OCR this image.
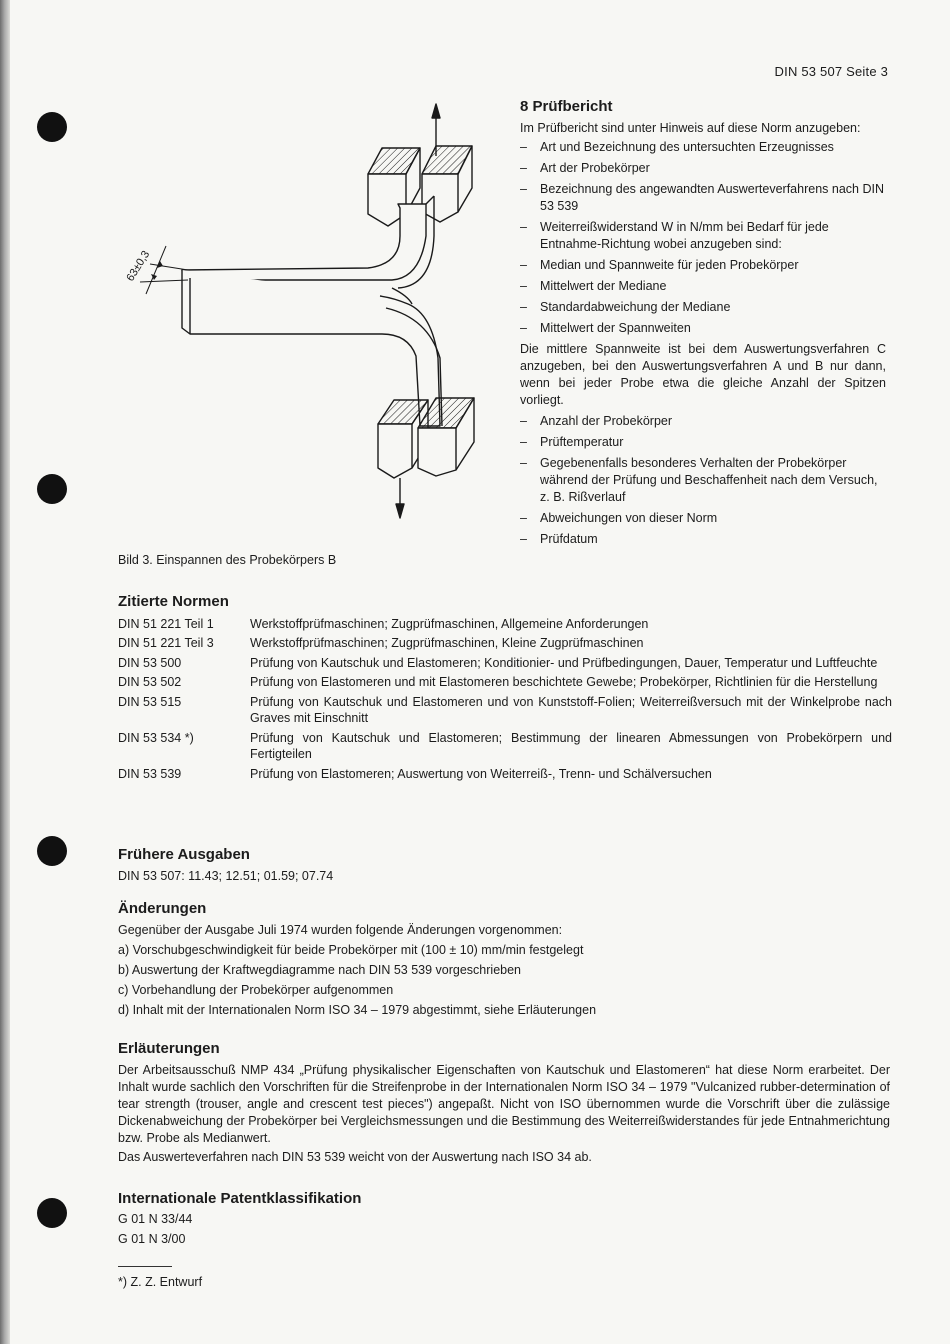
DIN 53 507 Seite 3
63±0,3
Bild 3. Einspannen des Probekörpers B
8 Prüfbericht

Im Prüfbericht sind unter Hinweis auf diese Norm anzugeben:

– Art und Bezeichnung des untersuchten Erzeugnisses
– Art der Probekörper
– Bezeichnung des angewandten Auswerteverfahrens nach DIN 53 539
– Weiterreißwiderstand W in N/mm bei Bedarf für jede Entnahme-Richtung wobei anzugeben sind:
– Median und Spannweite für jeden Probekörper
– Mittelwert der Mediane
– Standardabweichung der Mediane
– Mittelwert der Spannweiten

Die mittlere Spannweite ist bei dem Auswertungsverfahren C anzugeben, bei den Auswertungsverfahren A und B nur dann, wenn bei jeder Probe etwa die gleiche Anzahl der Spitzen vorliegt.

– Anzahl der Probekörper
– Prüftemperatur
– Gegebenenfalls besonderes Verhalten der Probekörper während der Prüfung und Beschaffenheit nach dem Versuch, z. B. Rißverlauf
– Abweichungen von dieser Norm
– Prüfdatum
Zitierte Normen
DIN 51 221 Teil 1	Werkstoffprüfmaschinen; Zugprüfmaschinen, Allgemeine Anforderungen
DIN 51 221 Teil 3	Werkstoffprüfmaschinen; Zugprüfmaschinen, Kleine Zugprüfmaschinen
DIN 53 500	Prüfung von Kautschuk und Elastomeren; Konditionier- und Prüfbedingungen, Dauer, Temperatur und Luftfeuchte
DIN 53 502	Prüfung von Elastomeren und mit Elastomeren beschichtete Gewebe; Probekörper, Richtlinien für die Herstellung
DIN 53 515	Prüfung von Kautschuk und Elastomeren und von Kunststoff-Folien; Weiterreißversuch mit der Winkelprobe nach Graves mit Einschnitt
DIN 53 534 *)	Prüfung von Kautschuk und Elastomeren; Bestimmung der linearen Abmessungen von Probekörpern und Fertigteilen
DIN 53 539	Prüfung von Elastomeren; Auswertung von Weiterreiß-, Trenn- und Schälversuchen
Frühere Ausgaben

DIN 53 507: 11.43; 12.51; 01.59; 07.74

Änderungen

Gegenüber der Ausgabe Juli 1974 wurden folgende Änderungen vorgenommen:

a) Vorschubgeschwindigkeit für beide Probekörper mit (100 ± 10) mm/min festgelegt

b) Auswertung der Kraftwegdiagramme nach DIN 53 539 vorgeschrieben

c) Vorbehandlung der Probekörper aufgenommen

d) Inhalt mit der Internationalen Norm ISO 34 – 1979 abgestimmt, siehe Erläuterungen

Erläuterungen

Der Arbeitsausschuß NMP 434 „Prüfung physikalischer Eigenschaften von Kautschuk und Elastomeren“ hat diese Norm erarbeitet. Der Inhalt wurde sachlich den Vorschriften für die Streifenprobe in der Internationalen Norm ISO 34 – 1979 "Vulcanized rubber-determination of tear strength (trouser, angle and crescent test pieces") angepaßt. Nicht von ISO übernommen wurde die Vorschrift über die zulässige Dickenabweichung der Probekörper bei Vergleichsmessungen und die Bestimmung des Weiterreißwiderstandes für jede Entnahmerichtung bzw. Probe als Medianwert.

Das Auswerteverfahren nach DIN 53 539 weicht von der Auswertung nach ISO 34 ab.

Internationale Patentklassifikation

G 01 N 33/44

G 01 N 3/00

*) Z. Z. Entwurf
